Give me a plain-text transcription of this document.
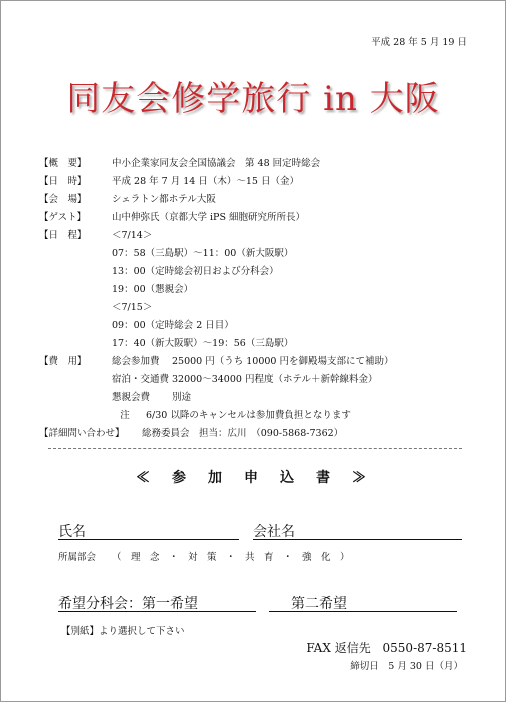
平成 28 年 5 月 19 日
同友会修学旅行 in 大阪
【概　要】	中小企業家同友会全国協議会　第 48 回定時総会
【日　時】	平成 28 年 7 月 14 日（木）～15 日（金）
【会　場】	シェラトン都ホテル大阪
【ゲスト】	山中伸弥氏（京都大学 iPS 細胞研究所所長）
【日　程】	＜7/14＞
07：58（三島駅）～11：00（新大阪駅）
13：00（定時総会初日および分科会）
19：00（懇親会）
＜7/15＞
09：00（定時総会 2 日目）
17：40（新大阪駅）～19：56（三島駅）
【費　用】	総会参加費 25000 円（うち 10000 円を御殿場支部にて補助）
宿泊・交通費 32000～34000 円程度（ホテル＋新幹線料金）
懇親会費 別途
注 6/30 以降のキャンセルは参加費負担となります
【詳細問い合わせ】 総務委員会　担当：広川　（090-5868-7362）
≪　参　加　申　込　書　≫
氏名	会社名
所属部会 （　理　念　・　対　策　・　共　育　・　強　化　）
希望分科会：第一希望	第二希望
【別紙】より選択して下さい
FAX 返信先 0550-87-8511
締切日　5 月 30 日（月）
